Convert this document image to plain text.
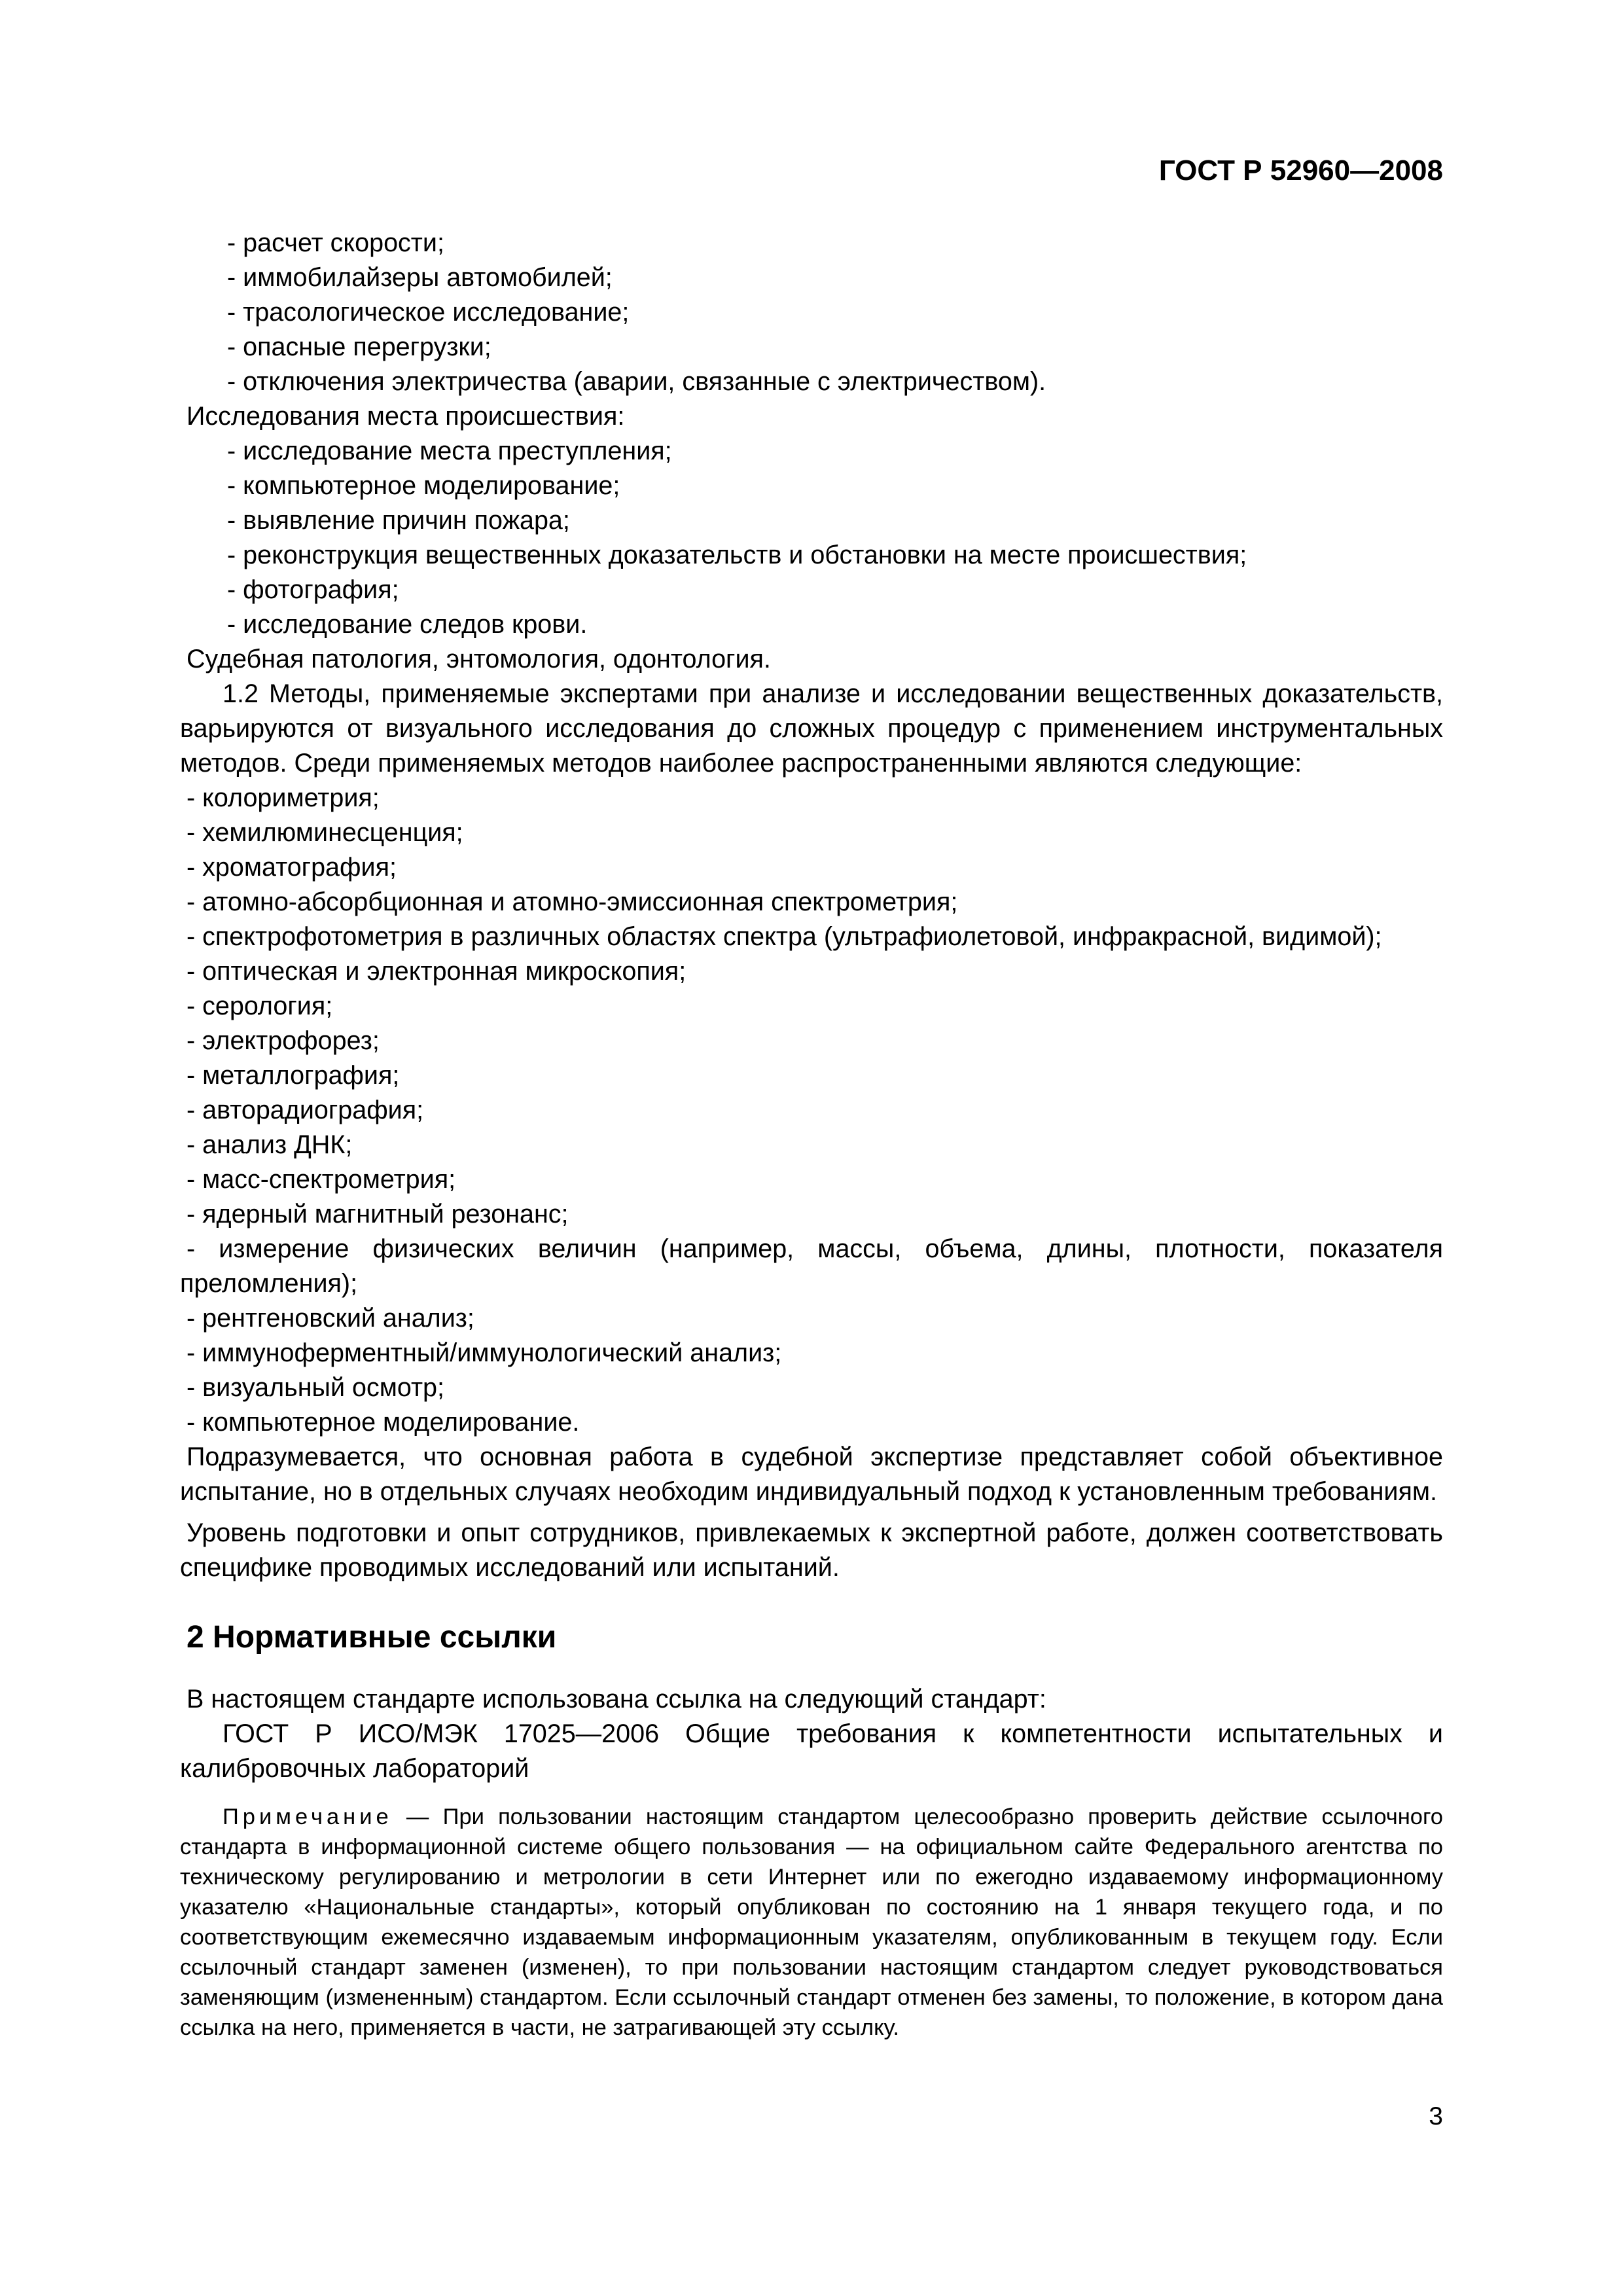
ГОСТ Р 52960—2008
- расчет скорости;
- иммобилайзеры автомобилей;
- трасологическое исследование;
- опасные перегрузки;
- отключения электричества (аварии, связанные с электричеством).
Исследования места происшествия:
- исследование места преступления;
- компьютерное моделирование;
- выявление причин пожара;
- реконструкция вещественных доказательств и обстановки на месте происшествия;
- фотография;
- исследование следов крови.
Судебная патология, энтомология, одонтология.
1.2 Методы, применяемые экспертами при анализе и исследовании вещественных доказательств, варьируются от визуального исследования до сложных процедур с применением инструментальных методов. Среди применяемых методов наиболее распространенными являются следующие:
- колориметрия;
- хемилюминесценция;
- хроматография;
- атомно-абсорбционная и атомно-эмиссионная спектрометрия;
- спектрофотометрия в различных областях спектра (ультрафиолетовой, инфракрасной, видимой);
- оптическая и электронная микроскопия;
- серология;
- электрофорез;
- металлография;
- авторадиография;
- анализ ДНК;
- масс-спектрометрия;
- ядерный магнитный резонанс;
- измерение физических величин (например, массы, объема, длины, плотности, показателя преломления);
- рентгеновский анализ;
- иммуноферментный/иммунологический анализ;
- визуальный осмотр;
- компьютерное моделирование.
Подразумевается, что основная работа в судебной экспертизе представляет собой объективное испытание, но в отдельных случаях необходим индивидуальный подход к установленным требованиям.
Уровень подготовки и опыт сотрудников, привлекаемых к экспертной работе, должен соответствовать специфике проводимых исследований или испытаний.
2 Нормативные ссылки
В настоящем стандарте использована ссылка на следующий стандарт:
ГОСТ Р ИСО/МЭК 17025—2006 Общие требования к компетентности испытательных и калибровочных лабораторий
Примечание — При пользовании настоящим стандартом целесообразно проверить действие ссылочного стандарта в информационной системе общего пользования — на официальном сайте Федерального агентства по техническому регулированию и метрологии в сети Интернет или по ежегодно издаваемому информационному указателю «Национальные стандарты», который опубликован по состоянию на 1 января текущего года, и по соответствующим ежемесячно издаваемым информационным указателям, опубликованным в текущем году. Если ссылочный стандарт заменен (изменен), то при пользовании настоящим стандартом следует руководствоваться заменяющим (измененным) стандартом. Если ссылочный стандарт отменен без замены, то положение, в котором дана ссылка на него, применяется в части, не затрагивающей эту ссылку.
3
